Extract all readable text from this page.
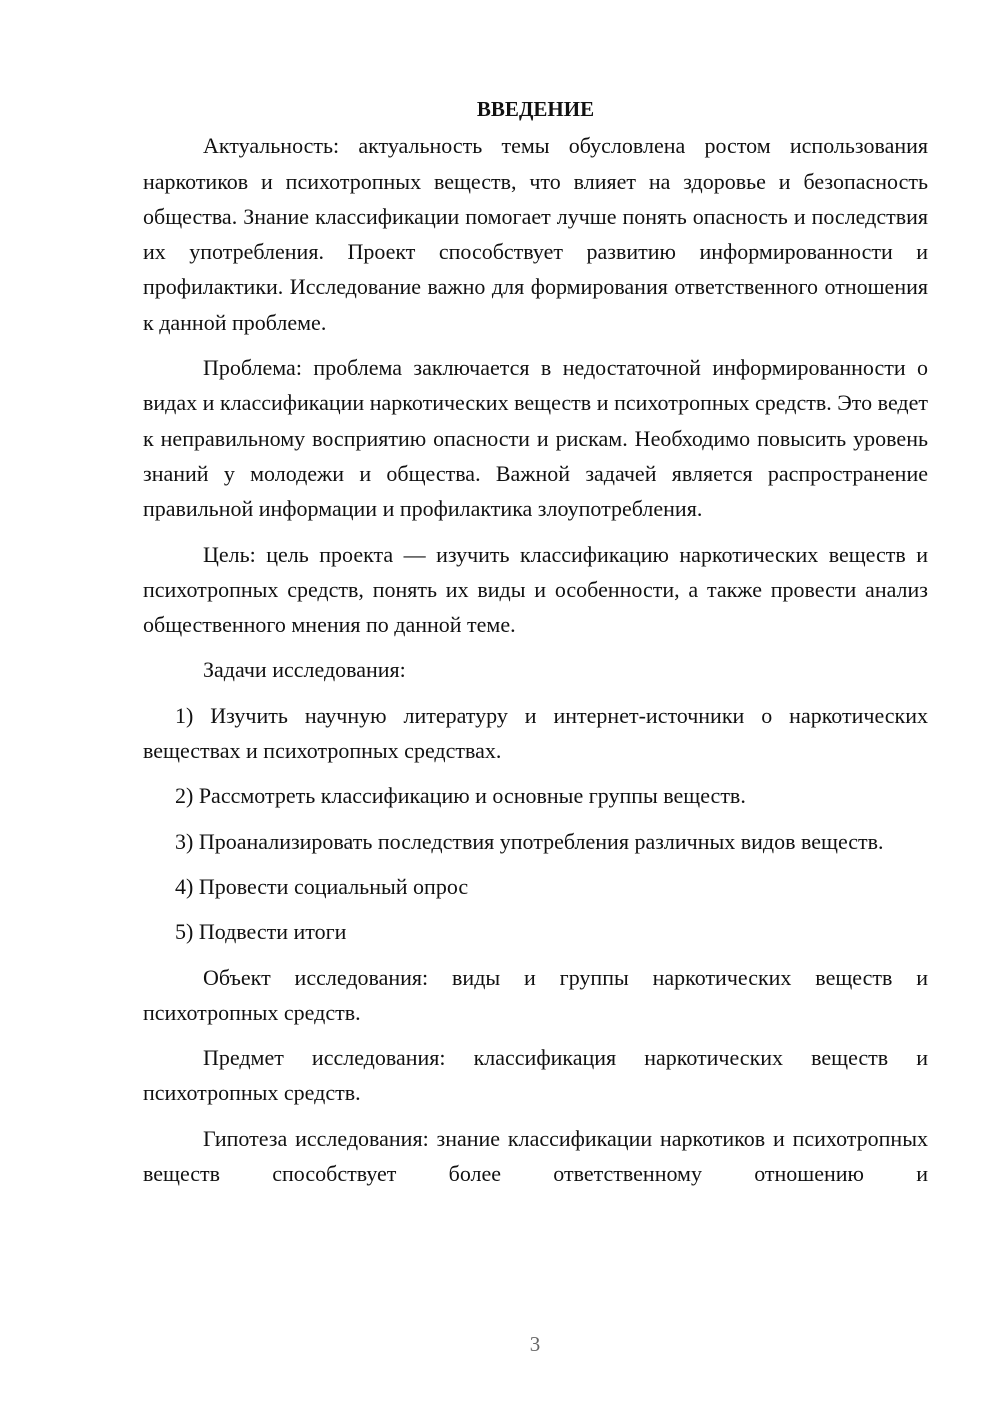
ВВЕДЕНИЕ

Актуальность: актуальность темы обусловлена ростом использования наркотиков и психотропных веществ, что влияет на здоровье и безопасность общества. Знание классификации помогает лучше понять опасность и последствия их употребления. Проект способствует развитию информированности и профилактики. Исследование важно для формирования ответственного отношения к данной проблеме.

Проблема: проблема заключается в недостаточной информированности о видах и классификации наркотических веществ и психотропных средств. Это ведет к неправильному восприятию опасности и рискам. Необходимо повысить уровень знаний у молодежи и общества. Важной задачей является распространение правильной информации и профилактика злоупотребления.

Цель: цель проекта — изучить классификацию наркотических веществ и психотропных средств, понять их виды и особенности, а также провести анализ общественного мнения по данной теме.

Задачи исследования:

1) Изучить научную литературу и интернет-источники о наркотических веществах и психотропных средствах.

2) Рассмотреть классификацию и основные группы веществ.

3) Проанализировать последствия употребления различных видов веществ.

4) Провести социальный опрос

5) Подвести итоги

Объект исследования: виды и группы наркотических веществ и психотропных средств.

Предмет исследования: классификация наркотических веществ и психотропных средств.

Гипотеза исследования: знание классификации наркотиков и психотропных веществ способствует более ответственному отношению и

3
